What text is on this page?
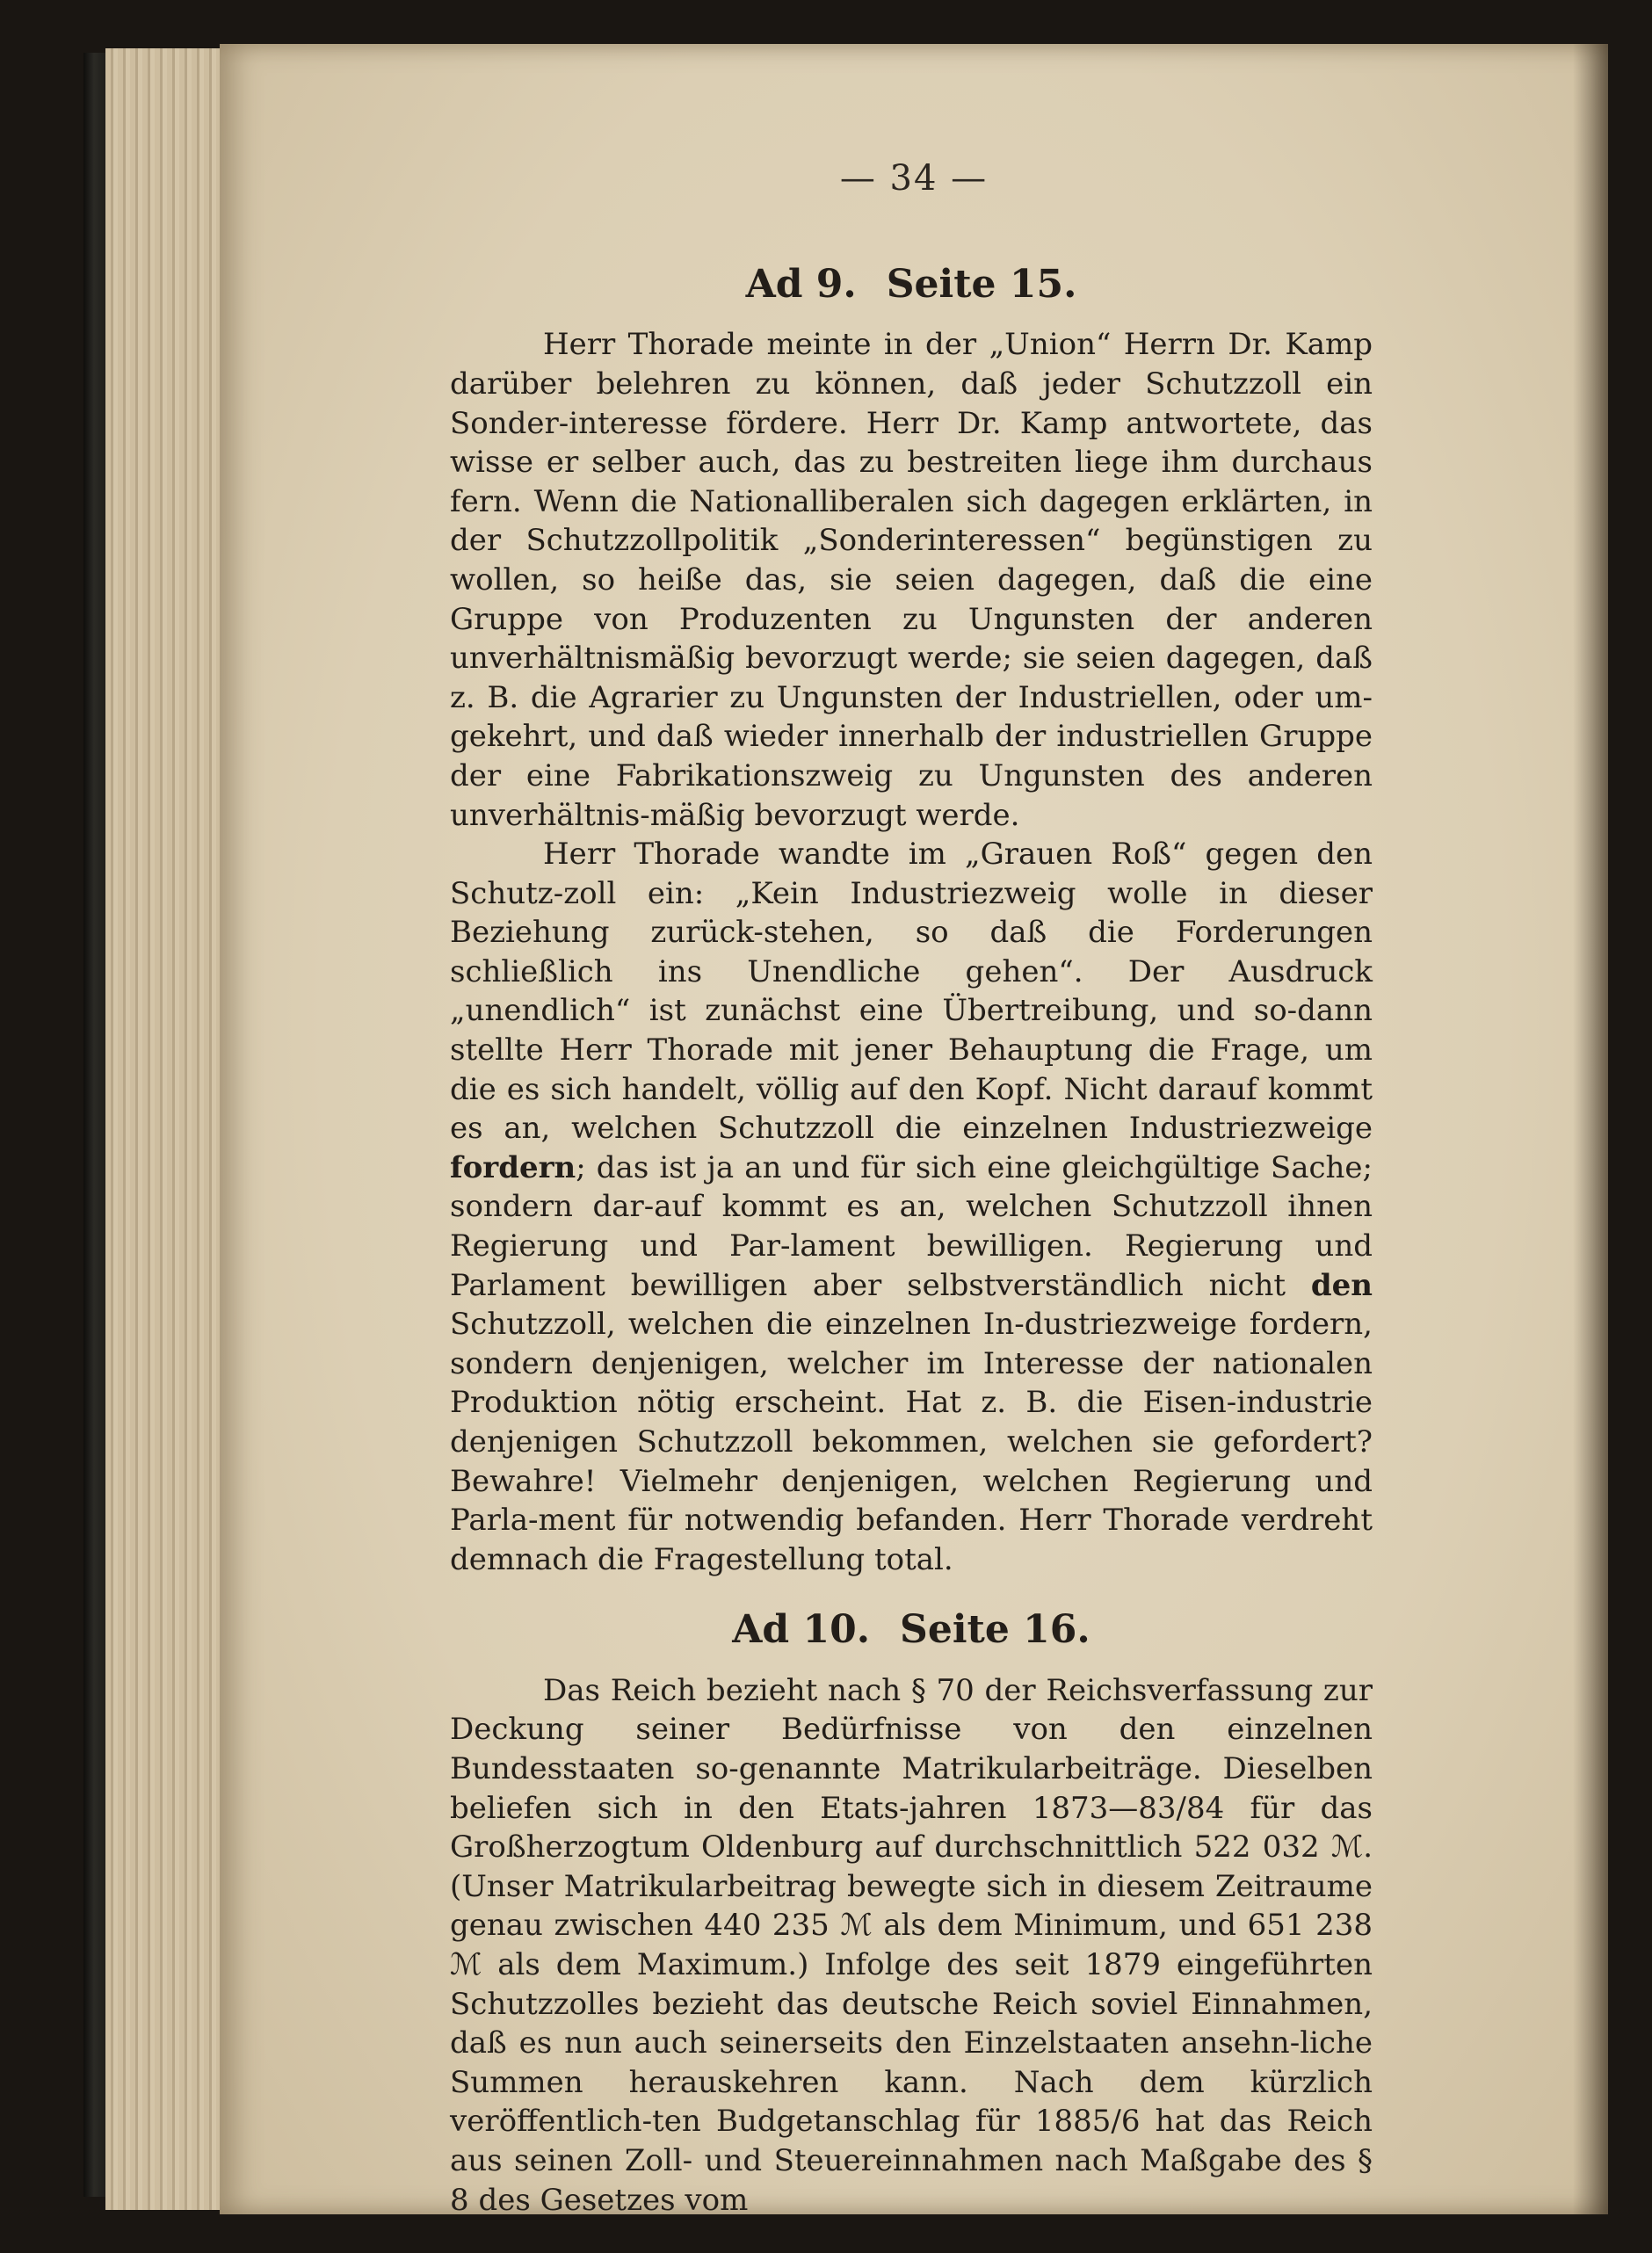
— 34 —
Ad 9. Seite 15.

Herr Thorade meinte in der „Union“ Herrn Dr. Kamp darüber belehren zu können, daß jeder Schutzzoll ein Sonder-interesse fördere. Herr Dr. Kamp antwortete, das wisse er selber auch, das zu bestreiten liege ihm durchaus fern. Wenn die Nationalliberalen sich dagegen erklärten, in der Schutzzollpolitik „Sonderinteressen“ begünstigen zu wollen, so heiße das, sie seien dagegen, daß die eine Gruppe von Produzenten zu Ungunsten der anderen unverhältnismäßig bevorzugt werde; sie seien dagegen, daß z. B. die Agrarier zu Ungunsten der Industriellen, oder um-gekehrt, und daß wieder innerhalb der industriellen Gruppe der eine Fabrikationszweig zu Ungunsten des anderen unverhältnis-mäßig bevorzugt werde.

Herr Thorade wandte im „Grauen Roß“ gegen den Schutz-zoll ein: „Kein Industriezweig wolle in dieser Beziehung zurück-stehen, so daß die Forderungen schließlich ins Unendliche gehen“. Der Ausdruck „unendlich“ ist zunächst eine Übertreibung, und so-dann stellte Herr Thorade mit jener Behauptung die Frage, um die es sich handelt, völlig auf den Kopf. Nicht darauf kommt es an, welchen Schutzzoll die einzelnen Industriezweige fordern; das ist ja an und für sich eine gleichgültige Sache; sondern dar-auf kommt es an, welchen Schutzzoll ihnen Regierung und Par-lament bewilligen. Regierung und Parlament bewilligen aber selbstverständlich nicht den Schutzzoll, welchen die einzelnen In-dustriezweige fordern, sondern denjenigen, welcher im Interesse der nationalen Produktion nötig erscheint. Hat z. B. die Eisen-industrie denjenigen Schutzzoll bekommen, welchen sie gefordert? Bewahre! Vielmehr denjenigen, welchen Regierung und Parla-ment für notwendig befanden. Herr Thorade verdreht demnach die Fragestellung total.

Ad 10. Seite 16.

Das Reich bezieht nach § 70 der Reichsverfassung zur Deckung seiner Bedürfnisse von den einzelnen Bundesstaaten so-genannte Matrikularbeiträge. Dieselben beliefen sich in den Etats-jahren 1873—83/84 für das Großherzogtum Oldenburg auf durchschnittlich 522 032 ℳ. (Unser Matrikularbeitrag bewegte sich in diesem Zeitraume genau zwischen 440 235 ℳ als dem Minimum, und 651 238 ℳ als dem Maximum.) Infolge des seit 1879 eingeführten Schutzzolles bezieht das deutsche Reich soviel Einnahmen, daß es nun auch seinerseits den Einzelstaaten ansehn-liche Summen herauskehren kann. Nach dem kürzlich veröffentlich-ten Budgetanschlag für 1885/6 hat das Reich aus seinen Zoll- und Steuereinnahmen nach Maßgabe des § 8 des Gesetzes vom
